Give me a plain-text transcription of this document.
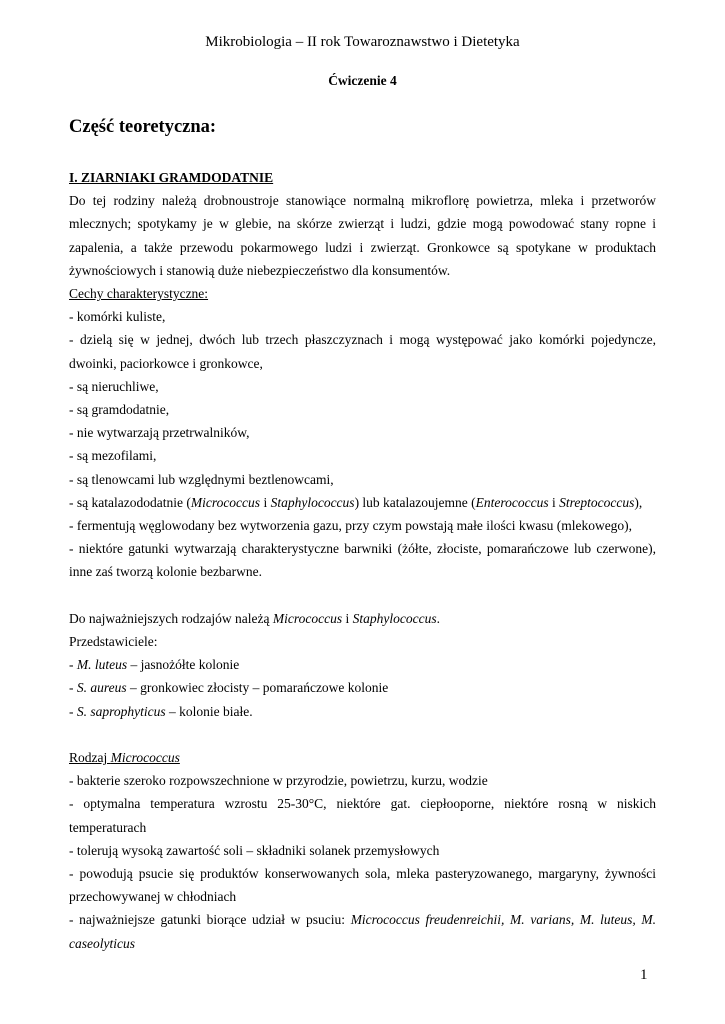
Mikrobiologia – II rok Towaroznawstwo i Dietetyka
Ćwiczenie 4
Część teoretyczna:

I. ZIARNIAKI GRAMDODATNIE

Do tej rodziny należą drobnoustroje stanowiące normalną mikroflorę powietrza, mleka i przetworów mlecznych; spotykamy je w glebie, na skórze zwierząt i ludzi, gdzie mogą powodować stany ropne i zapalenia, a także przewodu pokarmowego ludzi i zwierząt. Gronkowce są spotykane w produktach żywnościowych i stanowią duże niebezpieczeństwo dla konsumentów.

Cechy charakterystyczne:

- komórki kuliste,

- dzielą się w jednej, dwóch lub trzech płaszczyznach i mogą występować jako komórki pojedyncze, dwoinki, paciorkowce i gronkowce,

- są nieruchliwe,

- są gramdodatnie,

- nie wytwarzają przetrwalników,

- są mezofilami,

- są tlenowcami lub względnymi beztlenowcami,

- są katalazododatnie (Micrococcus i Staphylococcus) lub katalazoujemne (Enterococcus i Streptococcus),

- fermentują węglowodany bez wytworzenia gazu, przy czym powstają małe ilości kwasu (mlekowego),

- niektóre gatunki wytwarzają charakterystyczne barwniki (żółte, złociste, pomarańczowe lub czerwone), inne zaś tworzą kolonie bezbarwne.

Do najważniejszych rodzajów należą Micrococcus i Staphylococcus.

Przedstawiciele:

- M. luteus – jasnożółte kolonie

- S. aureus – gronkowiec złocisty – pomarańczowe kolonie

- S. saprophyticus – kolonie białe.

Rodzaj Micrococcus

- bakterie szeroko rozpowszechnione w przyrodzie, powietrzu, kurzu, wodzie

- optymalna temperatura wzrostu 25-30°C, niektóre gat. ciepłooporne, niektóre rosną w niskich temperaturach

- tolerują wysoką zawartość soli – składniki solanek przemysłowych

- powodują psucie się produktów konserwowanych sola, mleka pasteryzowanego, margaryny, żywności przechowywanej w chłodniach

- najważniejsze gatunki biorące udział w psuciu: Micrococcus freudenreichii, M. varians, M. luteus, M. caseolyticus

1
